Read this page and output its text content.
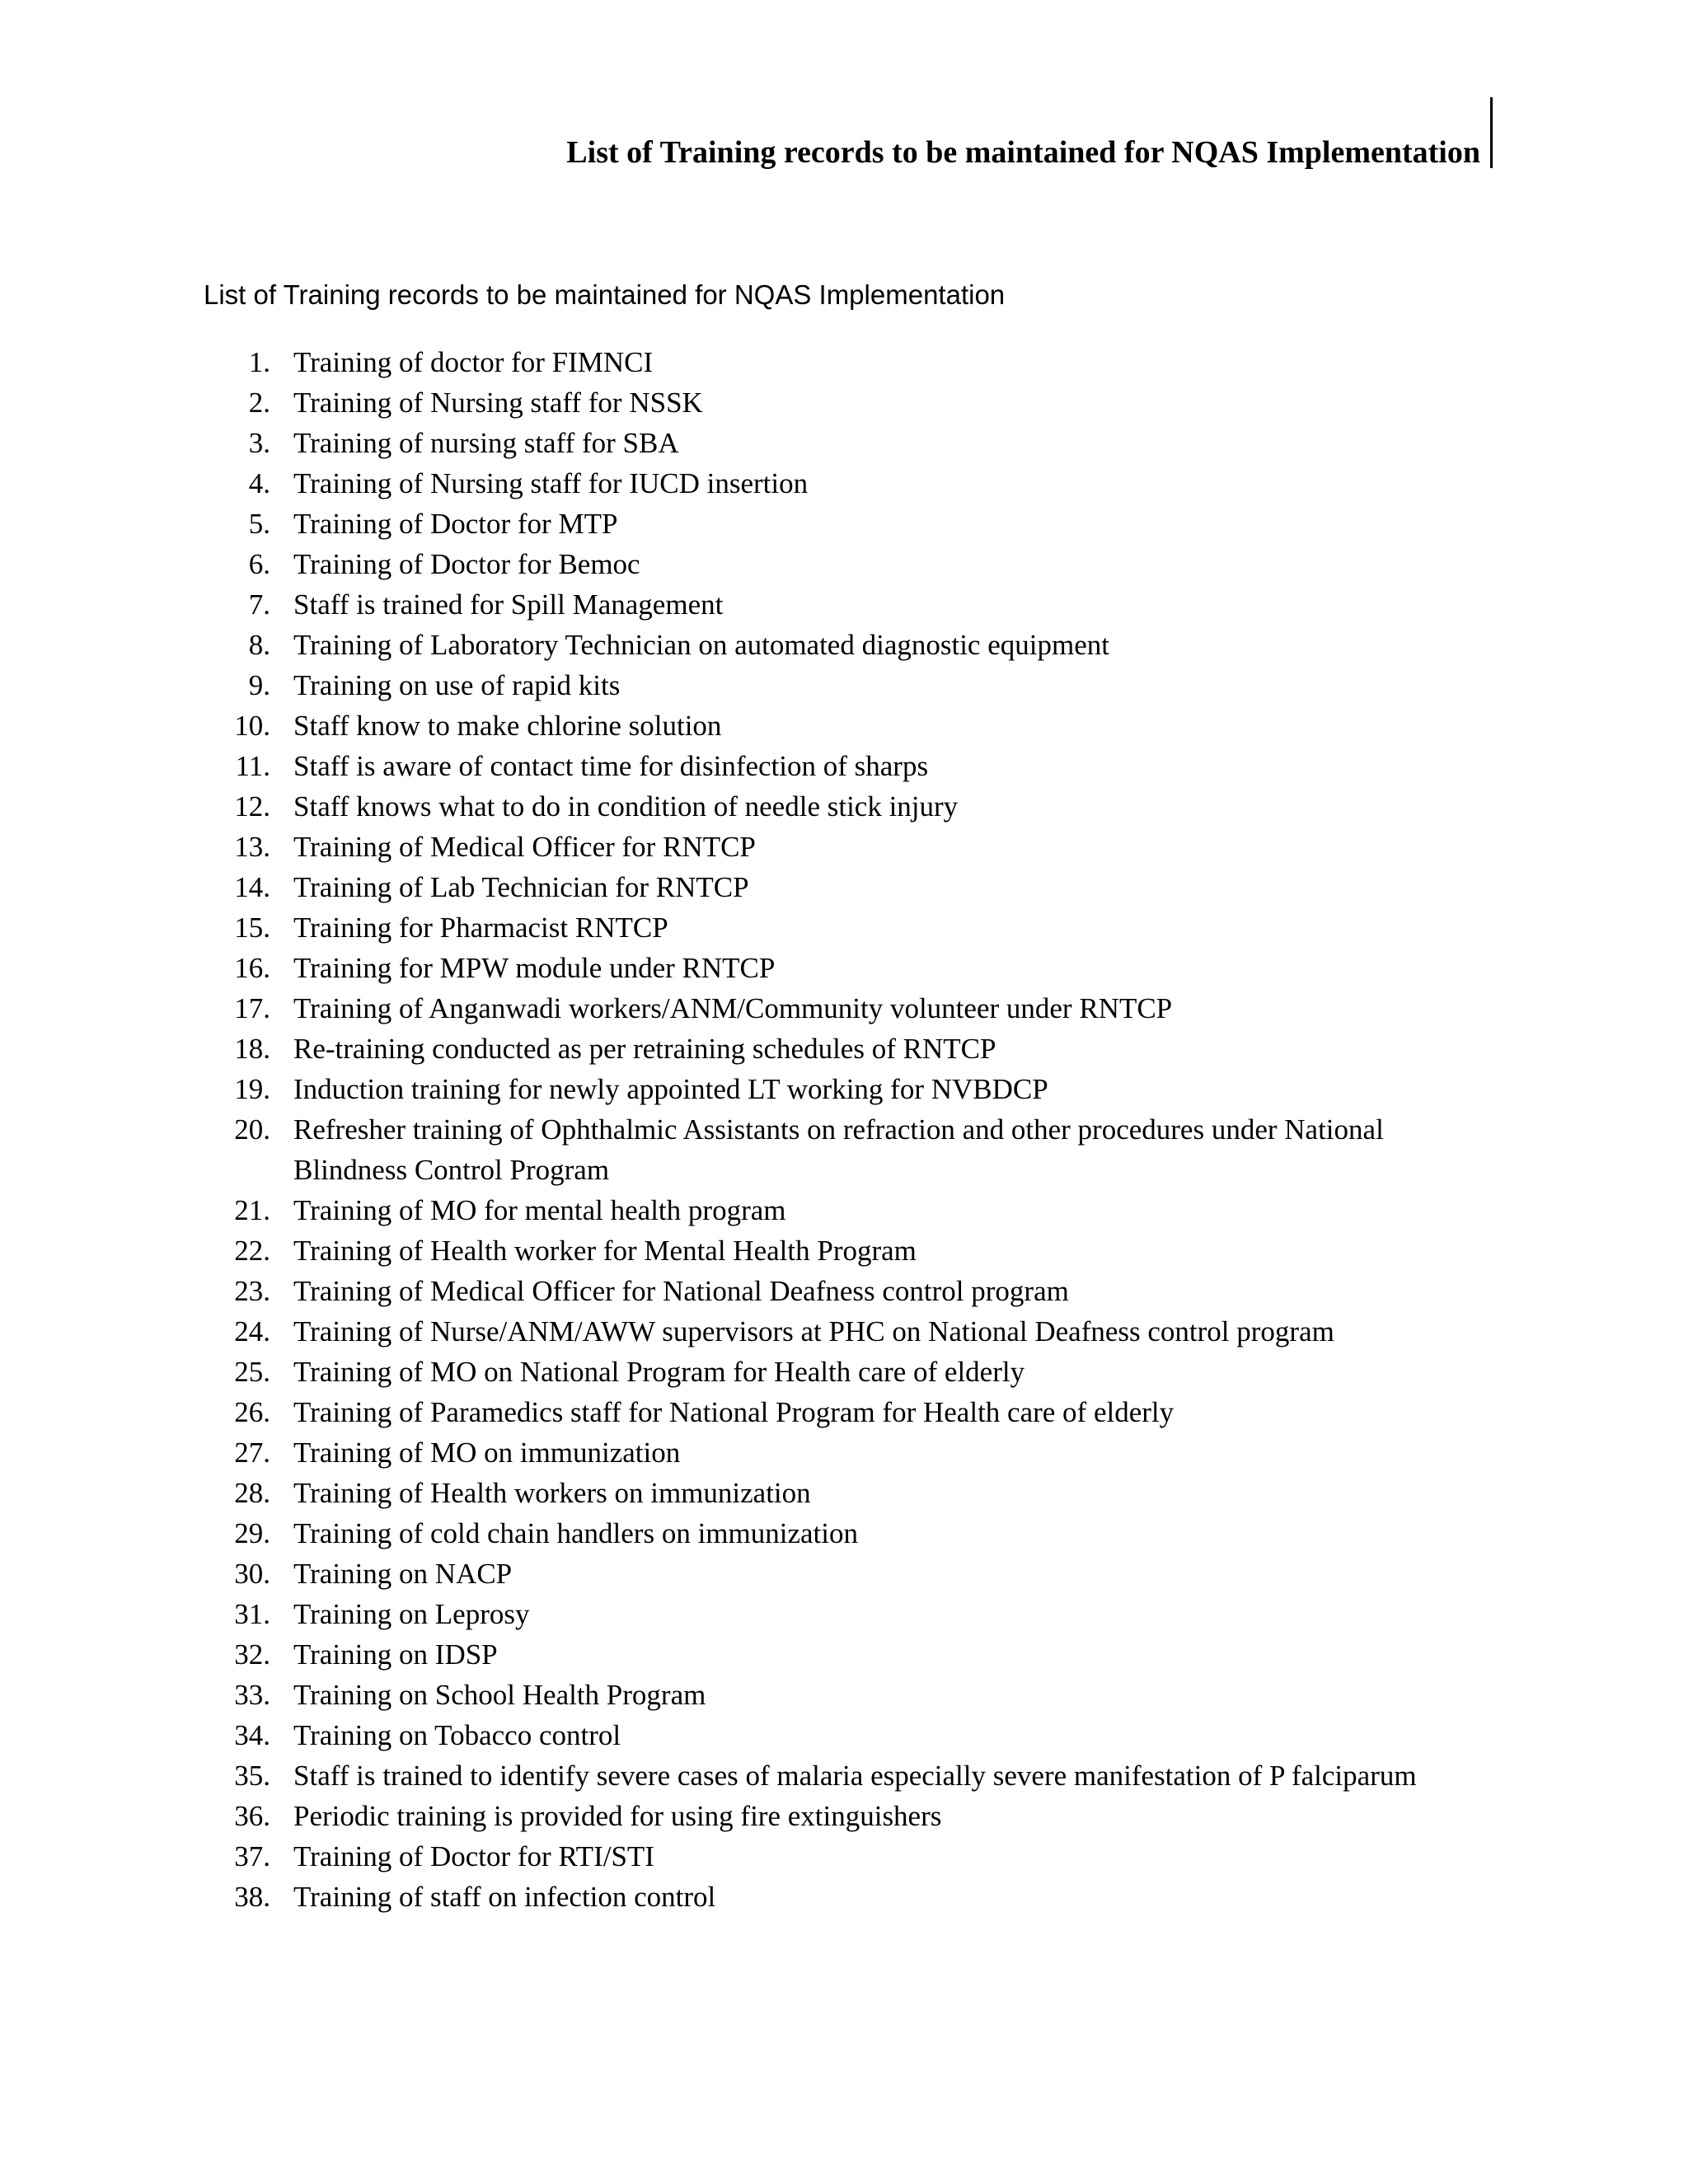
List of Training records to be maintained for NQAS Implementation
List of Training records to be maintained for NQAS Implementation
1. Training of doctor for FIMNCI
2. Training of Nursing staff for NSSK
3. Training of nursing staff for SBA
4. Training of Nursing staff for IUCD insertion
5. Training of Doctor for MTP
6. Training of Doctor for Bemoc
7. Staff is trained for Spill Management
8. Training of Laboratory Technician on automated diagnostic equipment
9. Training on use of rapid kits
10. Staff know to make chlorine solution
11. Staff is aware of contact time for disinfection of sharps
12. Staff knows what to do in condition of needle stick injury
13. Training of Medical Officer for RNTCP
14. Training of Lab Technician for RNTCP
15. Training for Pharmacist RNTCP
16. Training for MPW module under RNTCP
17. Training of Anganwadi workers/ANM/Community volunteer under RNTCP
18. Re-training conducted as per retraining schedules of RNTCP
19. Induction training for newly appointed LT working for NVBDCP
20. Refresher training of Ophthalmic Assistants on refraction and other procedures under National Blindness Control Program
21. Training of MO for mental health program
22. Training of Health worker for Mental Health Program
23. Training of Medical Officer for National Deafness control program
24. Training of Nurse/ANM/AWW supervisors at PHC on National Deafness control program
25. Training of MO on National Program for Health care of elderly
26. Training of Paramedics staff for National Program for Health care of elderly
27. Training of MO on immunization
28. Training of Health workers on immunization
29. Training of cold chain handlers on immunization
30. Training on NACP
31. Training on Leprosy
32. Training on IDSP
33. Training on School Health Program
34. Training on Tobacco control
35. Staff is trained to identify severe cases of malaria especially severe manifestation of P falciparum
36. Periodic training is provided for using fire extinguishers
37. Training of Doctor for RTI/STI
38. Training of staff on infection control
